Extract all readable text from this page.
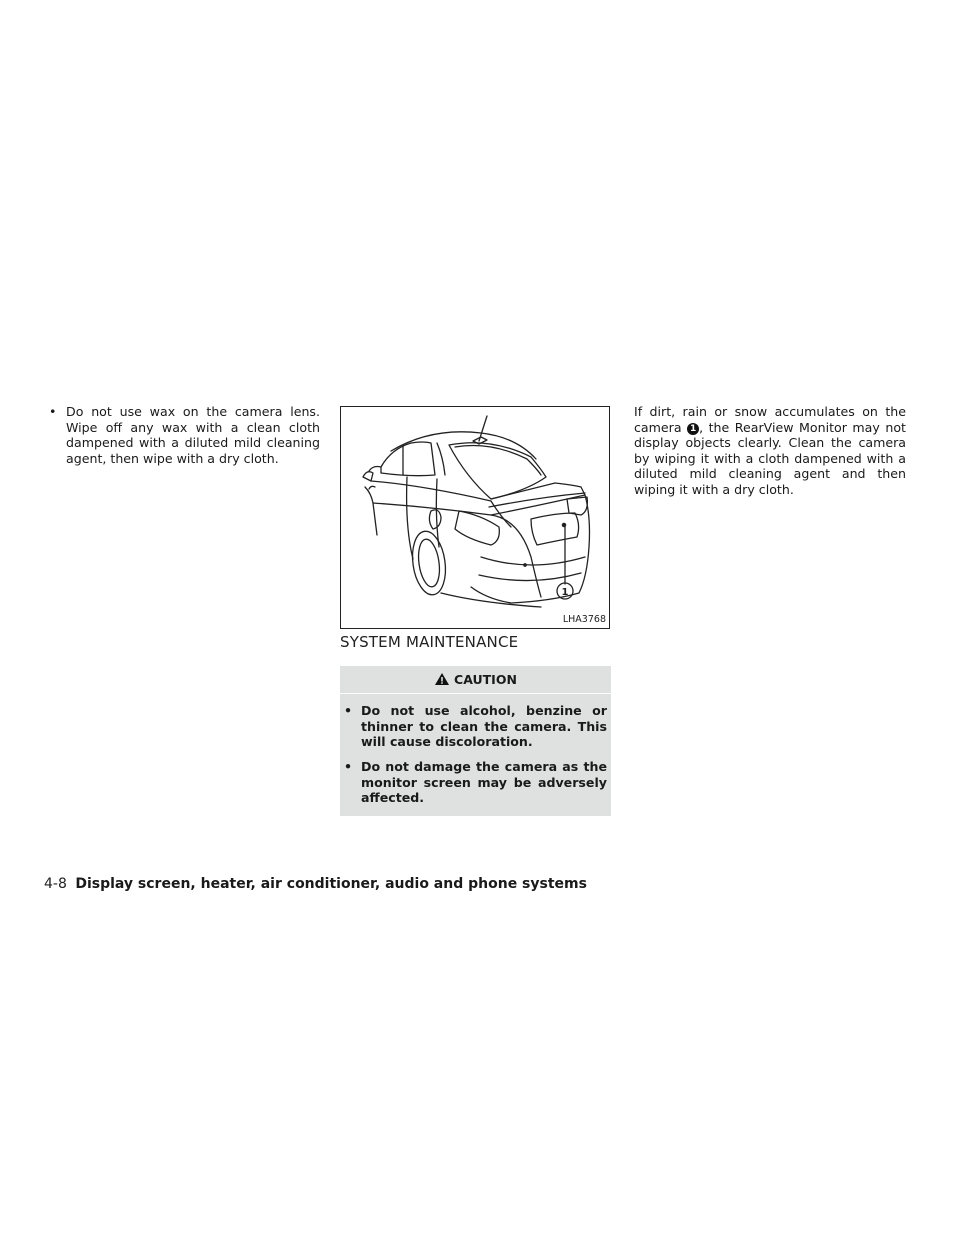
• Do not use wax on the camera lens. Wipe off any wax with a clean cloth dampened with a diluted mild cleaning agent, then wipe with a dry cloth.
1
LHA3768
SYSTEM MAINTENANCE
CAUTION
• Do not use alcohol, benzine or thinner to clean the camera. This will cause discoloration.
• Do not damage the camera as the monitor screen may be adversely affected.
If dirt, rain or snow accumulates on the camera 1 , the RearView Monitor may not display objects clearly. Clean the camera by wiping it with a cloth dampened with a diluted mild cleaning agent and then wiping it with a dry cloth.
4-8 Display screen, heater, air conditioner, audio and phone systems
